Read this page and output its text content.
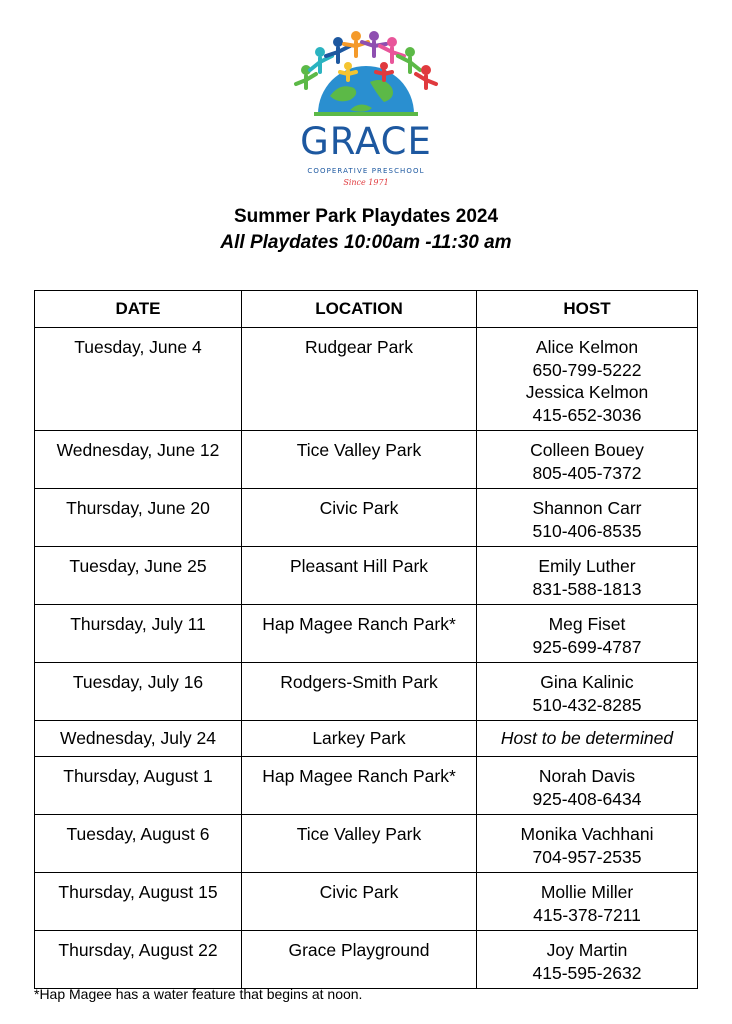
GRACE
COOPERATIVE PRESCHOOL
Since 1971
Summer Park Playdates 2024
All Playdates 10:00am -11:30 am
DATE	LOCATION	HOST
Tuesday, June 4	Rudgear Park	Alice Kelmon
650-799-5222
Jessica Kelmon
415-652-3036

Wednesday, June 12	Tice Valley Park	Colleen Bouey
805-405-7372

Thursday, June 20	Civic Park	Shannon Carr
510-406-8535

Tuesday, June 25	Pleasant Hill Park	Emily Luther
831-588-1813

Thursday, July 11	Hap Magee Ranch Park*	Meg Fiset
925-699-4787

Tuesday, July 16	Rodgers-Smith Park	Gina Kalinic
510-432-8285

Wednesday, July 24	Larkey Park	Host to be determined

Thursday, August 1	Hap Magee Ranch Park*	Norah Davis
925-408-6434

Tuesday, August 6	Tice Valley Park	Monika Vachhani
704-957-2535

Thursday, August 15	Civic Park	Mollie Miller
415-378-7211

Thursday, August 22	Grace Playground	Joy Martin
415-595-2632
*Hap Magee has a water feature that begins at noon.
